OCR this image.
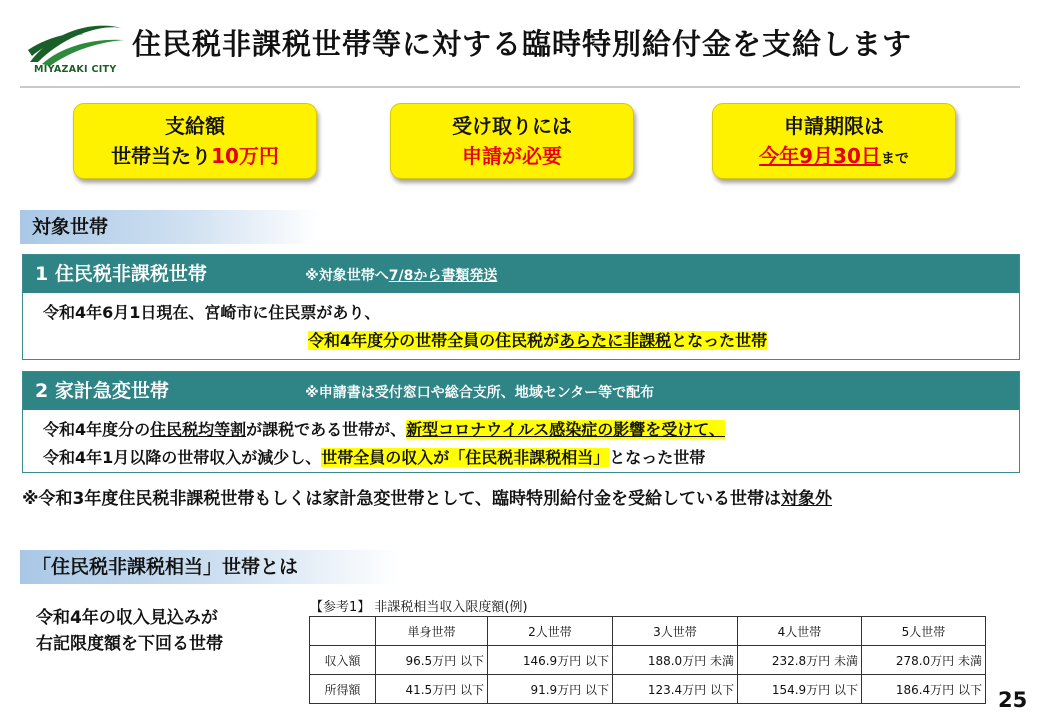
MIYAZAKI CITY
住民税非課税世帯等に対する臨時特別給付金を支給します
支給額
世帯当たり10万円
受け取りには
申請が必要
申請期限は
今年9月30日まで
対象世帯
1 住民税非課税世帯	※対象世帯へ7/8から書類発送
令和4年6月1日現在、宮崎市に住民票があり、
令和4年度分の世帯全員の住民税があらたに非課税となった世帯
2 家計急変世帯	※申請書は受付窓口や総合支所、地域センター等で配布
令和4年度分の住民税均等割が課税である世帯が、新型コロナウイルス感染症の影響を受けて、
令和4年1月以降の世帯収入が減少し、世帯全員の収入が「住民税非課税相当」となった世帯
※令和3年度住民税非課税世帯もしくは家計急変世帯として、臨時特別給付金を受給している世帯は対象外
「住民税非課税相当」世帯とは
令和4年の収入見込みが
右記限度額を下回る世帯
【参考1】 非課税相当収入限度額(例)
	単身世帯	2人世帯	3人世帯	4人世帯	5人世帯
収入額	96.5万円 以下	146.9万円 以下	188.0万円 未満	232.8万円 未満	278.0万円 未満
所得額	41.5万円 以下	91.9万円 以下	123.4万円 以下	154.9万円 以下	186.4万円 以下 25
